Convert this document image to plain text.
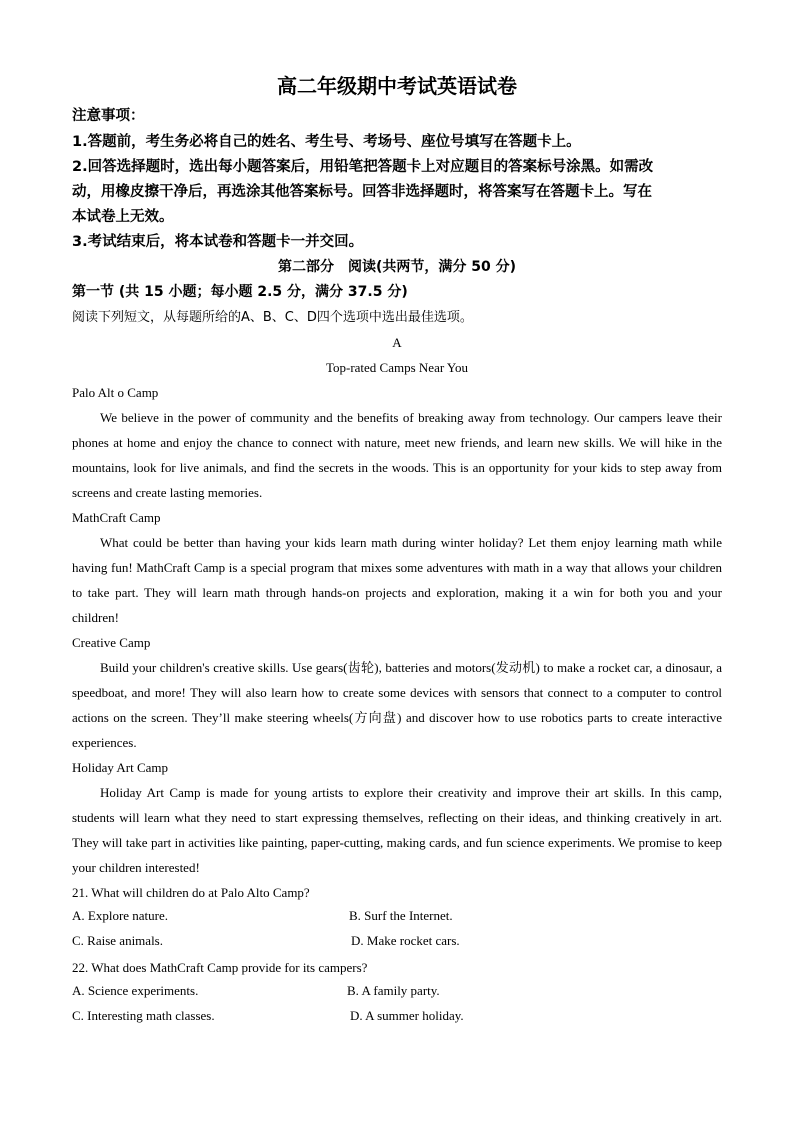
高二年级期中考试英语试卷
注意事项：
1.答题前，考生务必将自己的姓名、考生号、考场号、座位号填写在答题卡上。
2.回答选择题时，选出每小题答案后，用铅笔把答题卡上对应题目的答案标号涂黑。如需改
动，用橡皮擦干净后，再选涂其他答案标号。回答非选择题时，将答案写在答题卡上。写在
本试卷上无效。
3.考试结束后，将本试卷和答题卡一并交回。
第二部分　阅读(共两节，满分 50 分)
第一节 (共 15 小题；每小题 2.5 分，满分 37.5 分)
阅读下列短文，从每题所给的A、B、C、D四个选项中选出最佳选项。
A
Top-rated Camps Near You
Palo Alt o Camp
We believe in the power of community and the benefits of breaking away from technology. Our campers leave their phones at home and enjoy the chance to connect with nature, meet new friends, and learn new skills. We will hike in the mountains, look for live animals, and find the secrets in the woods. This is an opportunity for your kids to step away from screens and create lasting memories.
MathCraft Camp
What could be better than having your kids learn math during winter holiday? Let them enjoy learning math while having fun! MathCraft Camp is a special program that mixes some adventures with math in a way that allows your children to take part. They will learn math through hands-on projects and exploration, making it a win for both you and your children!
Creative Camp
Build your children's creative skills. Use gears(齿轮), batteries and motors(发动机) to make a rocket car, a dinosaur, a speedboat, and more! They will also learn how to create some devices with sensors that connect to a computer to control actions on the screen. They’ll make steering wheels(方向盘) and discover how to use robotics parts to create interactive experiences.
Holiday Art Camp
Holiday Art Camp is made for young artists to explore their creativity and improve their art skills. In this camp, students will learn what they need to start expressing themselves, reflecting on their ideas, and thinking creatively in art. They will take part in activities like painting, paper-cutting, making cards, and fun science experiments. We promise to keep your children interested!
21. What will children do at Palo Alto Camp?
A. Explore nature.	B. Surf the Internet.
C. Raise animals.	D. Make rocket cars.
22. What does MathCraft Camp provide for its campers?
A. Science experiments.	B. A family party.
C. Interesting math classes.	D. A summer holiday.
